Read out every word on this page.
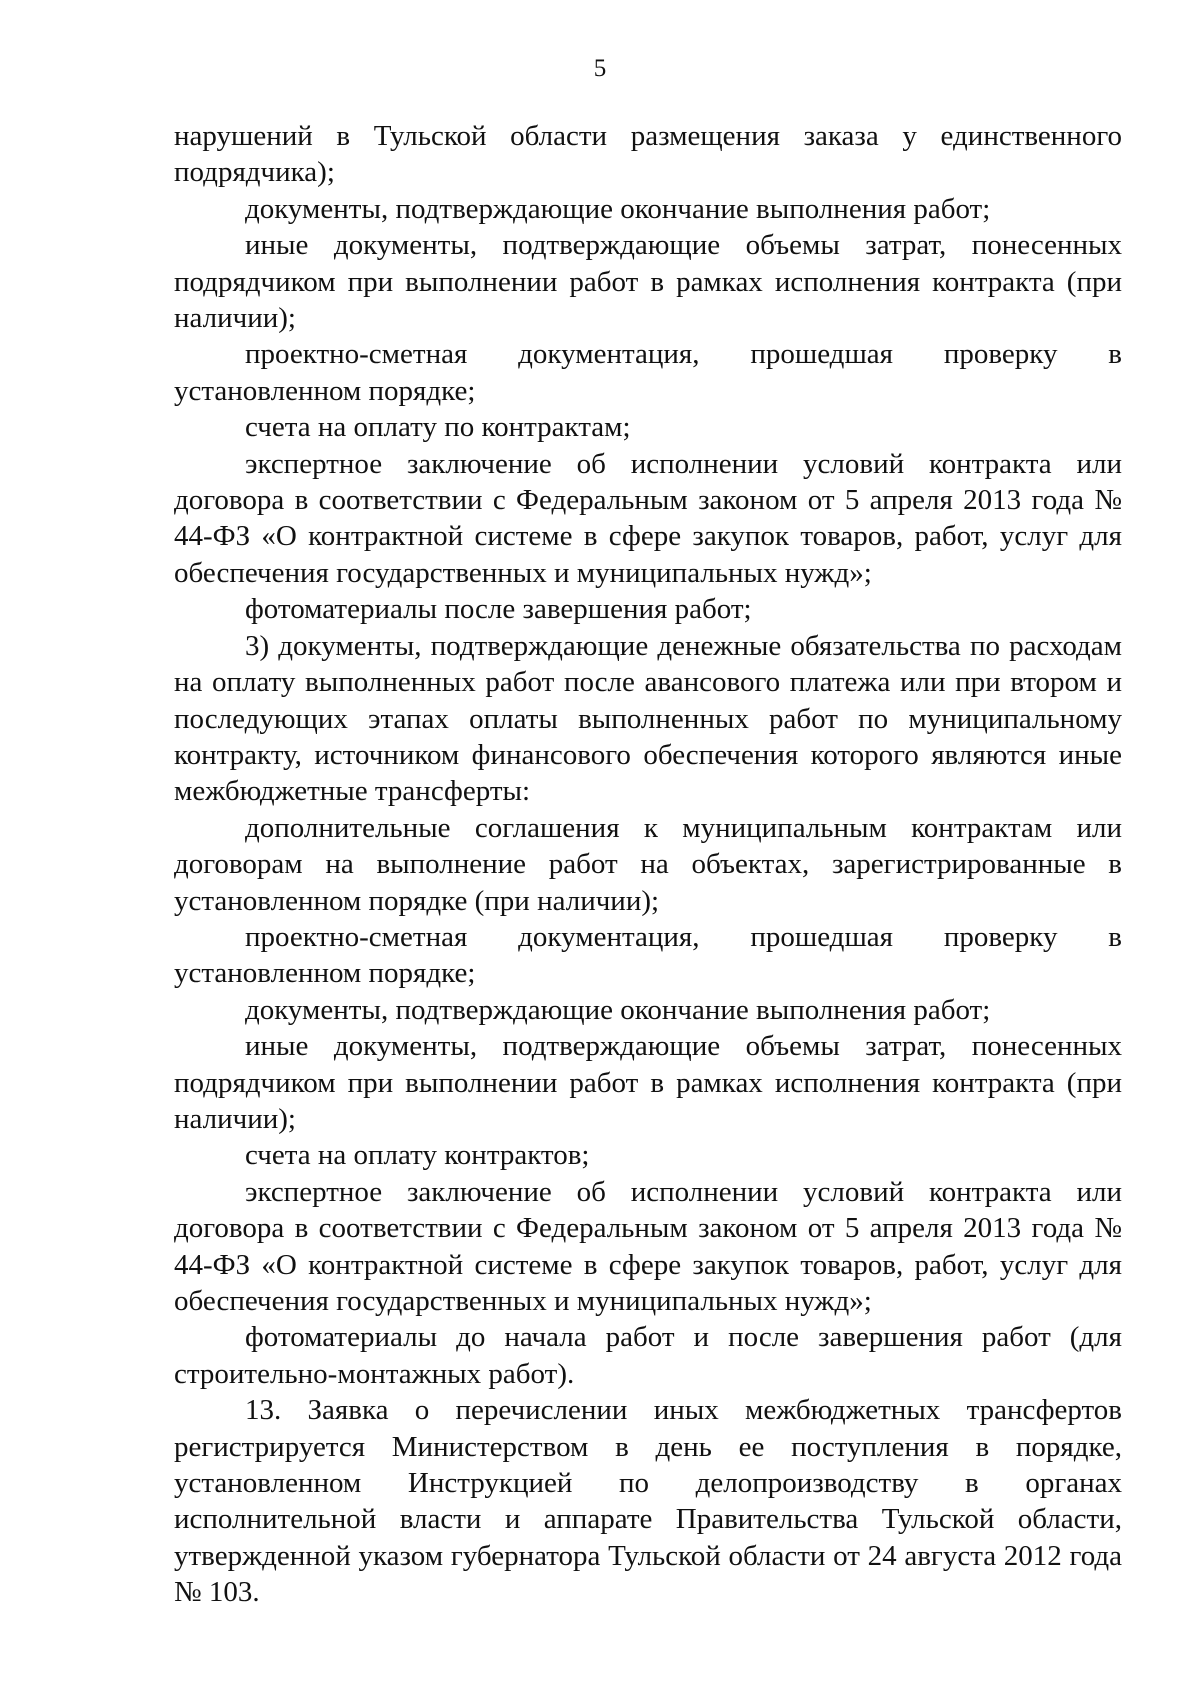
5

нарушений в Тульской области размещения заказа у единственного подрядчика);

документы, подтверждающие окончание выполнения работ;

иные документы, подтверждающие объемы затрат, понесенных подрядчиком при выполнении работ в рамках исполнения контракта (при наличии);

проектно-сметная документация, прошедшая проверку в установленном порядке;

счета на оплату по контрактам;

экспертное заключение об исполнении условий контракта или договора в соответствии с Федеральным законом от 5 апреля 2013 года № 44-ФЗ «О контрактной системе в сфере закупок товаров, работ, услуг для обеспечения государственных и муниципальных нужд»;

фотоматериалы после завершения работ;

3) документы, подтверждающие денежные обязательства по расходам на оплату выполненных работ после авансового платежа или при втором и последующих этапах оплаты выполненных работ по муниципальному контракту, источником финансового обеспечения которого являются иные межбюджетные трансферты:

дополнительные соглашения к муниципальным контрактам или договорам на выполнение работ на объектах, зарегистрированные в установленном порядке (при наличии);

проектно-сметная документация, прошедшая проверку в установленном порядке;

документы, подтверждающие окончание выполнения работ;

иные документы, подтверждающие объемы затрат, понесенных подрядчиком при выполнении работ в рамках исполнения контракта (при наличии);

счета на оплату контрактов;

экспертное заключение об исполнении условий контракта или договора в соответствии с Федеральным законом от 5 апреля 2013 года № 44-ФЗ «О контрактной системе в сфере закупок товаров, работ, услуг для обеспечения государственных и муниципальных нужд»;

фотоматериалы до начала работ и после завершения работ (для строительно-монтажных работ).

13. Заявка о перечислении иных межбюджетных трансфертов регистрируется Министерством в день ее поступления в порядке, установленном Инструкцией по делопроизводству в органах исполнительной власти и аппарате Правительства Тульской области, утвержденной указом губернатора Тульской области от 24 августа 2012 года № 103.
